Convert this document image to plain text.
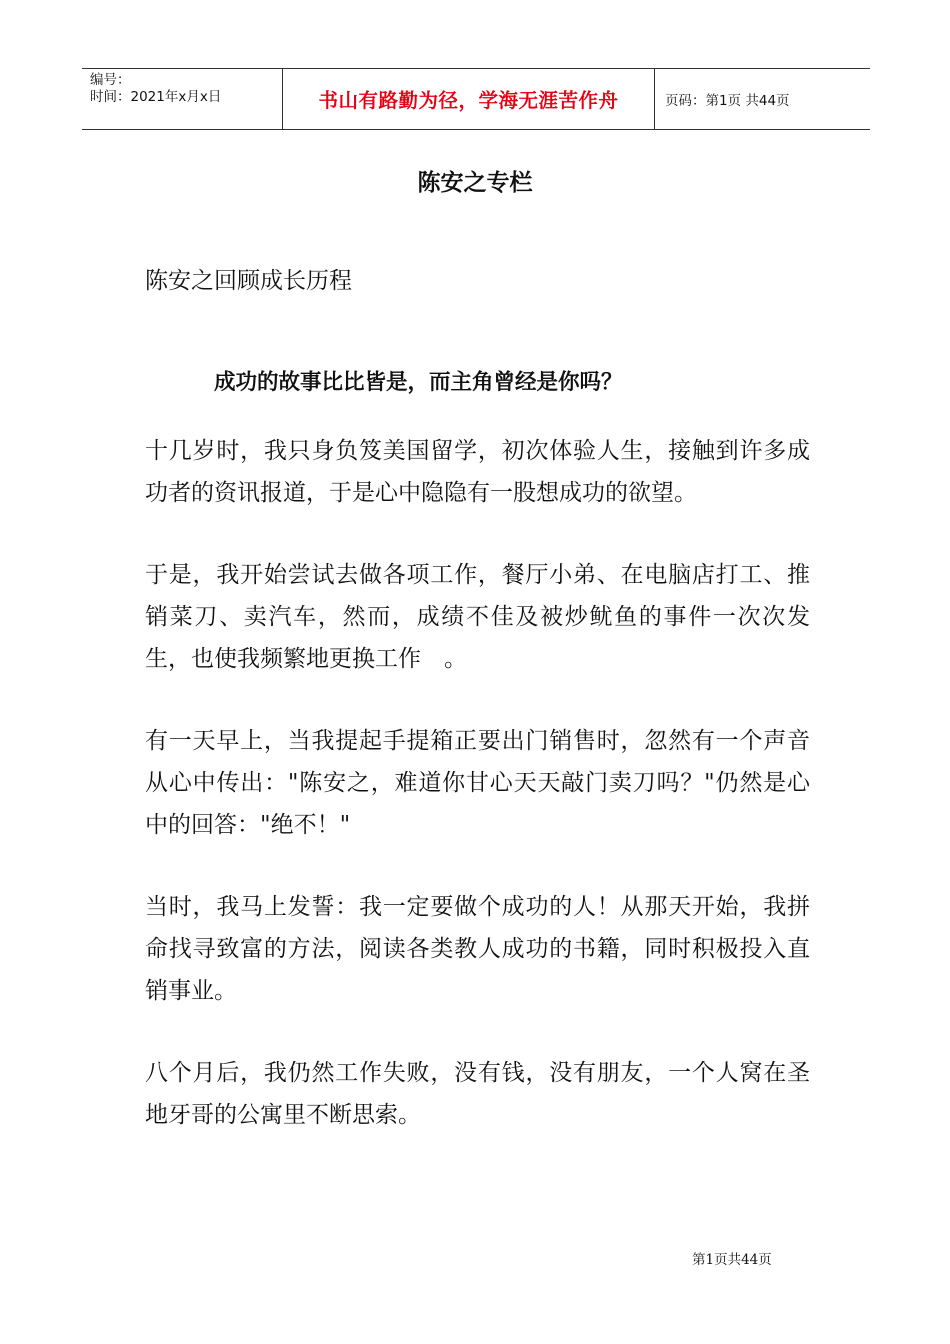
编号：
时间：2021年x月x日	书山有路勤为径，学海无涯苦作舟	页码：第1页 共44页
陈安之专栏
陈安之回顾成长历程
成功的故事比比皆是，而主角曾经是你吗？

十几岁时，我只身负笈美国留学，初次体验人生，接触到许多成功者的资讯报道，于是心中隐隐有一股想成功的欲望。

于是，我开始尝试去做各项工作，餐厅小弟、在电脑店打工、推销菜刀、卖汽车，然而，成绩不佳及被炒鱿鱼的事件一次次发生，也使我频繁地更换工作　。

有一天早上，当我提起手提箱正要出门销售时，忽然有一个声音从心中传出："陈安之，难道你甘心天天敲门卖刀吗？"仍然是心中的回答："绝不！"

当时，我马上发誓：我一定要做个成功的人！从那天开始，我拼命找寻致富的方法，阅读各类教人成功的书籍，同时积极投入直销事业。

八个月后，我仍然工作失败，没有钱，没有朋友，一个人窝在圣地牙哥的公寓里不断思索。

第1页共44页
